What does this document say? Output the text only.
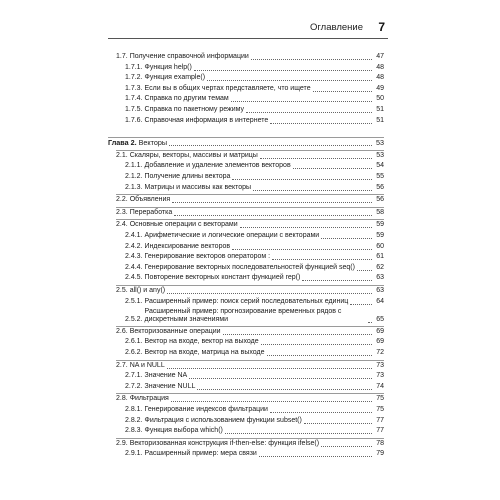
Оглавление 7
1.7. Получение справочной информации	47
1.7.1. Функция help()	48
1.7.2. Функция example()	48
1.7.3. Если вы в общих чертах представляете, что ищете	49
1.7.4. Справка по другим темам	50
1.7.5. Справка по пакетному режиму	51
1.7.6. Справочная информация в интернете	51
Глава 2. Векторы	53
2.1. Скаляры, векторы, массивы и матрицы	53
2.1.1. Добавление и удаление элементов векторов	54
2.1.2. Получение длины вектора	55
2.1.3. Матрицы и массивы как векторы	56
2.2. Объявления	56
2.3. Переработка	58
2.4. Основные операции с векторами	59
2.4.1. Арифметические и логические операции с векторами	59
2.4.2. Индексирование векторов	60
2.4.3. Генерирование векторов оператором :	61
2.4.4. Генерирование векторных последовательностей функцией seq()	62
2.4.5. Повторение векторных констант функцией rep()	63
2.5. all() и any()	63
2.5.1. Расширенный пример: поиск серий последовательных единиц	64
2.5.2.
Расширенный пример: прогнозирование временных рядов с дискретными значениями	65
2.6. Векторизованные операции	69
2.6.1. Вектор на входе, вектор на выходе	69
2.6.2. Вектор на входе, матрица на выходе	72
2.7. NA и NULL	73
2.7.1. Значение NA	73
2.7.2. Значение NULL	74
2.8. Фильтрация	75
2.8.1. Генерирование индексов фильтрации	75
2.8.2. Фильтрация с использованием функции subset()	77
2.8.3. Функция выбора which()	77
2.9. Векторизованная конструкция if-then-else: функция ifelse()	78
2.9.1. Расширенный пример: мера связи	79
